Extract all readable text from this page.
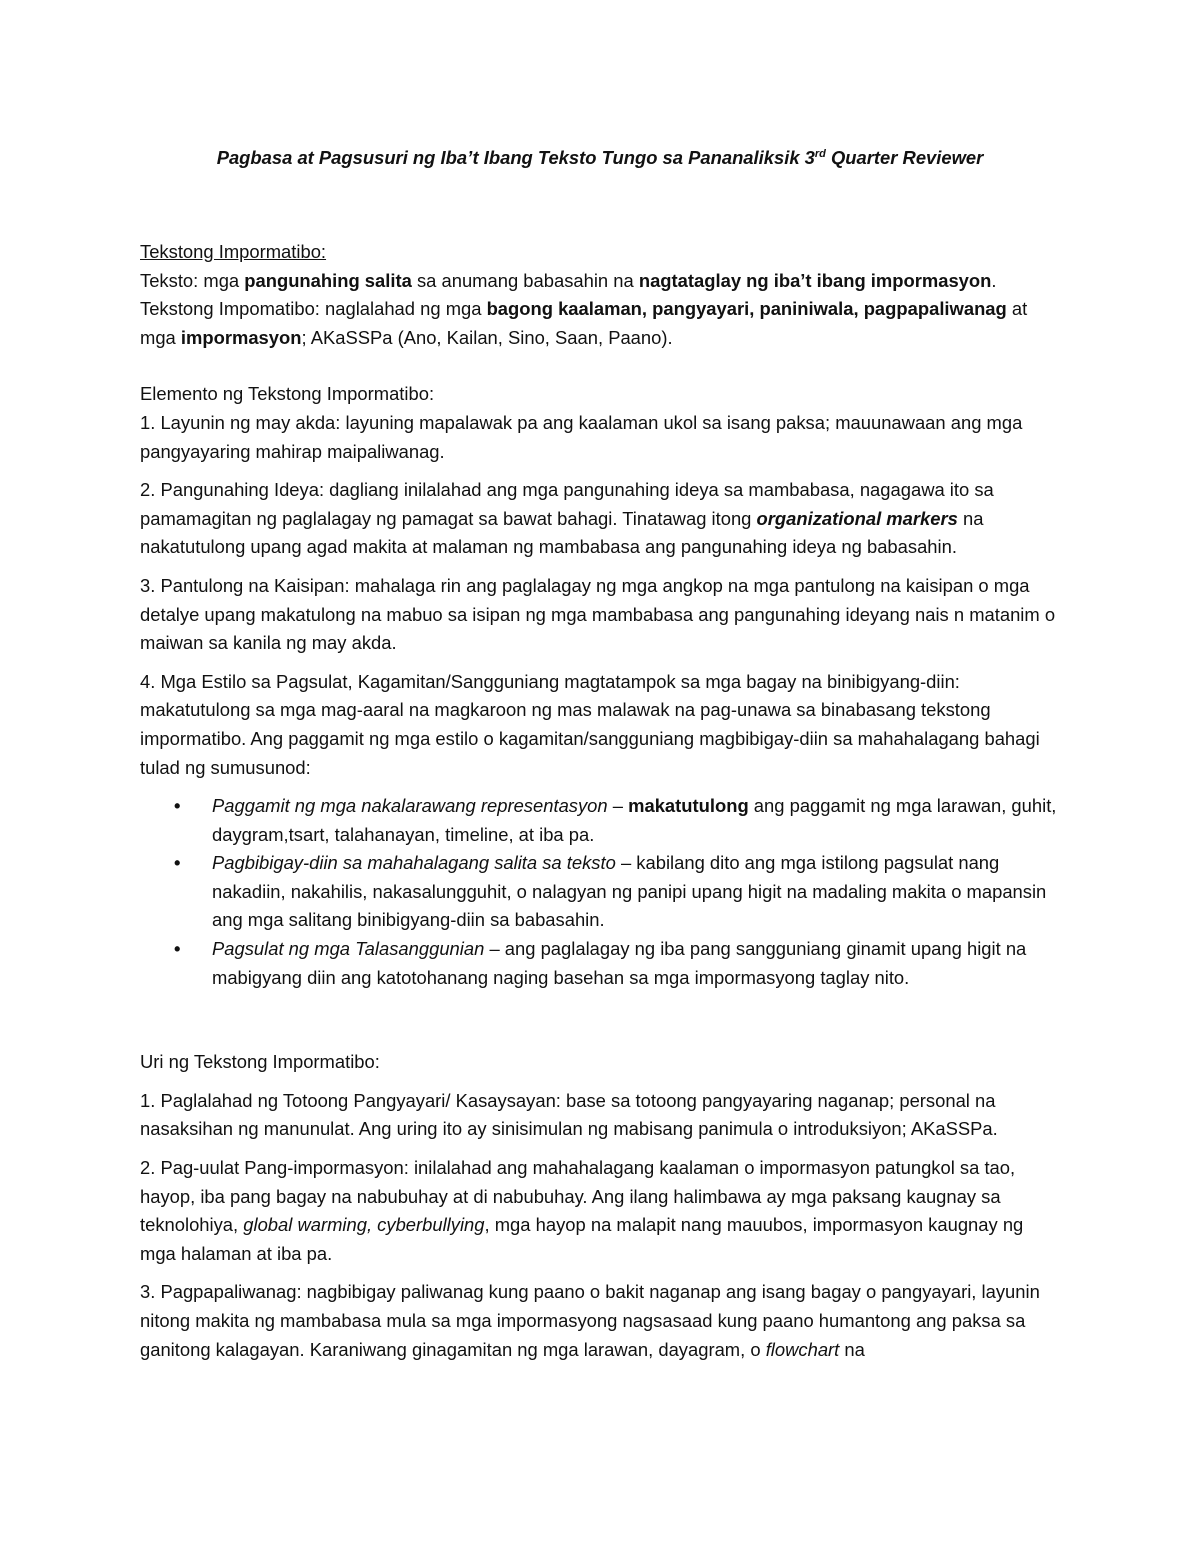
Pagbasa at Pagsusuri ng Iba’t Ibang Teksto Tungo sa Pananaliksik 3rd Quarter Reviewer

Tekstong Impormatibo:

Teksto: mga pangunahing salita sa anumang babasahin na nagtataglay ng iba’t ibang impormasyon.

Tekstong Impomatibo: naglalahad ng mga bagong kaalaman, pangyayari, paniniwala, pagpapaliwanag at mga impormasyon; AKaSSPa (Ano, Kailan, Sino, Saan, Paano).

Elemento ng Tekstong Impormatibo:

1. Layunin ng may akda: layuning mapalawak pa ang kaalaman ukol sa isang paksa; mauunawaan ang mga pangyayaring mahirap maipaliwanag.

2. Pangunahing Ideya: dagliang inilalahad ang mga pangunahing ideya sa mambabasa, nagagawa ito sa pamamagitan ng paglalagay ng pamagat sa bawat bahagi. Tinatawag itong organizational markers na nakatutulong upang agad makita at malaman ng mambabasa ang pangunahing ideya ng babasahin.

3. Pantulong na Kaisipan: mahalaga rin ang paglalagay ng mga angkop na mga pantulong na kaisipan o mga detalye upang makatulong na mabuo sa isipan ng mga mambabasa ang pangunahing ideyang nais n matanim o maiwan sa kanila ng may akda.

4. Mga Estilo sa Pagsulat, Kagamitan/Sangguniang magtatampok sa mga bagay na binibigyang-diin: makatutulong sa mga mag-aaral na magkaroon ng mas malawak na pag-unawa sa binabasang tekstong impormatibo. Ang paggamit ng mga estilo o kagamitan/sangguniang magbibigay-diin sa mahahalagang bahagi tulad ng sumusunod:

• Paggamit ng mga nakalarawang representasyon – makatutulong ang paggamit ng mga larawan, guhit, daygram,tsart, talahanayan, timeline, at iba pa.
• Pagbibigay-diin sa mahahalagang salita sa teksto – kabilang dito ang mga istilong pagsulat nang nakadiin, nakahilis, nakasalungguhit, o nalagyan ng panipi upang higit na madaling makita o mapansin ang mga salitang binibigyang-diin sa babasahin.
• Pagsulat ng mga Talasanggunian – ang paglalagay ng iba pang sangguniang ginamit upang higit na mabigyang diin ang katotohanang naging basehan sa mga impormasyong taglay nito.

Uri ng Tekstong Impormatibo:

1. Paglalahad ng Totoong Pangyayari/ Kasaysayan: base sa totoong pangyayaring naganap; personal na nasaksihan ng manunulat. Ang uring ito ay sinisimulan ng mabisang panimula o introduksiyon; AKaSSPa.

2. Pag-uulat Pang-impormasyon: inilalahad ang mahahalagang kaalaman o impormasyon patungkol sa tao, hayop, iba pang bagay na nabubuhay at di nabubuhay. Ang ilang halimbawa ay mga paksang kaugnay sa teknolohiya, global warming, cyberbullying, mga hayop na malapit nang mauubos, impormasyon kaugnay ng mga halaman at iba pa.

3. Pagpapaliwanag: nagbibigay paliwanag kung paano o bakit naganap ang isang bagay o pangyayari, layunin nitong makita ng mambabasa mula sa mga impormasyong nagsasaad kung paano humantong ang paksa sa ganitong kalagayan. Karaniwang ginagamitan ng mga larawan, dayagram, o flowchart na
